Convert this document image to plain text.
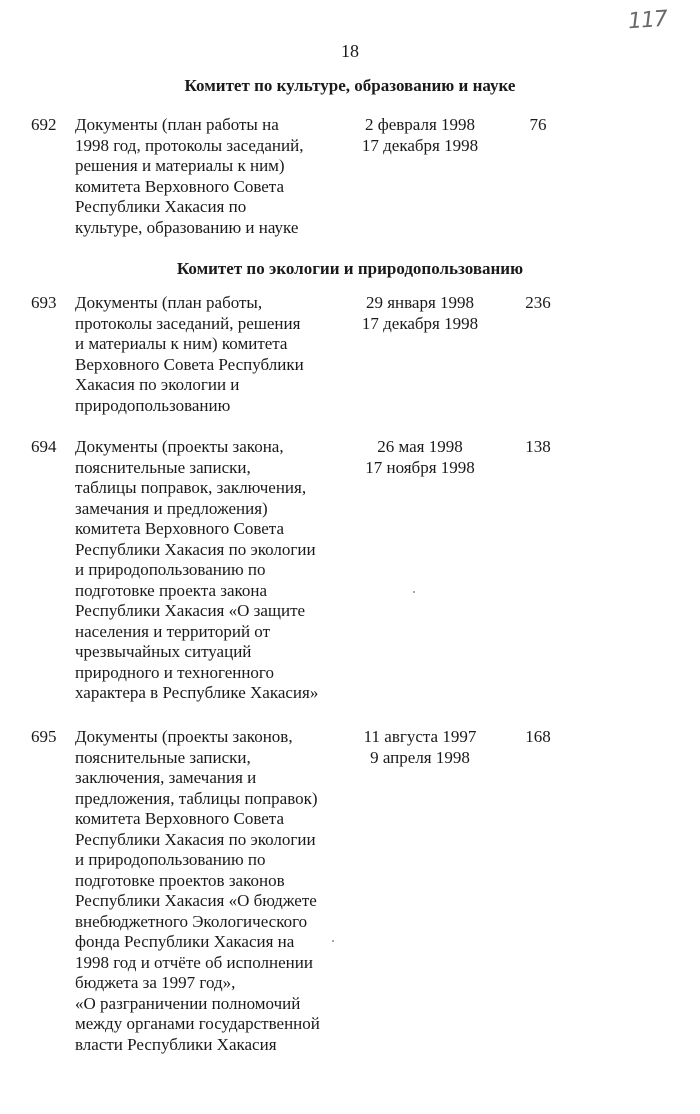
117
18
Комитет по культуре, образованию и науке
692 Документы (план работы на
1998 год, протоколы заседаний,
решения и материалы к ним)
комитета Верховного Совета
Республики Хакасия по
культуре, образованию и науке
2 февраля 1998
17 декабря 1998
76
Комитет по экологии и природопользованию
693 Документы (план работы,
протоколы заседаний, решения
и материалы к ним) комитета
Верховного Совета Республики
Хакасия по экологии и
природопользованию
29 января 1998
17 декабря 1998
236
694 Документы (проекты закона,
пояснительные записки,
таблицы поправок, заключения,
замечания и предложения)
комитета Верховного Совета
Республики Хакасия по экологии
и природопользованию по
подготовке проекта закона
Республики Хакасия «О защите
населения и территорий от
чрезвычайных ситуаций
природного и техногенного
характера в Республике Хакасия»
26 мая 1998
17 ноября 1998
138
695 Документы (проекты законов,
пояснительные записки,
заключения, замечания и
предложения, таблицы поправок)
комитета Верховного Совета
Республики Хакасия по экологии
и природопользованию по
подготовке проектов законов
Республики Хакасия «О бюджете
внебюджетного Экологического
фонда Республики Хакасия на
1998 год и отчёте об исполнении
бюджета за 1997 год»,
«О разграничении полномочий
между органами государственной
власти Республики Хакасия
11 августа 1997
9 апреля 1998
168
